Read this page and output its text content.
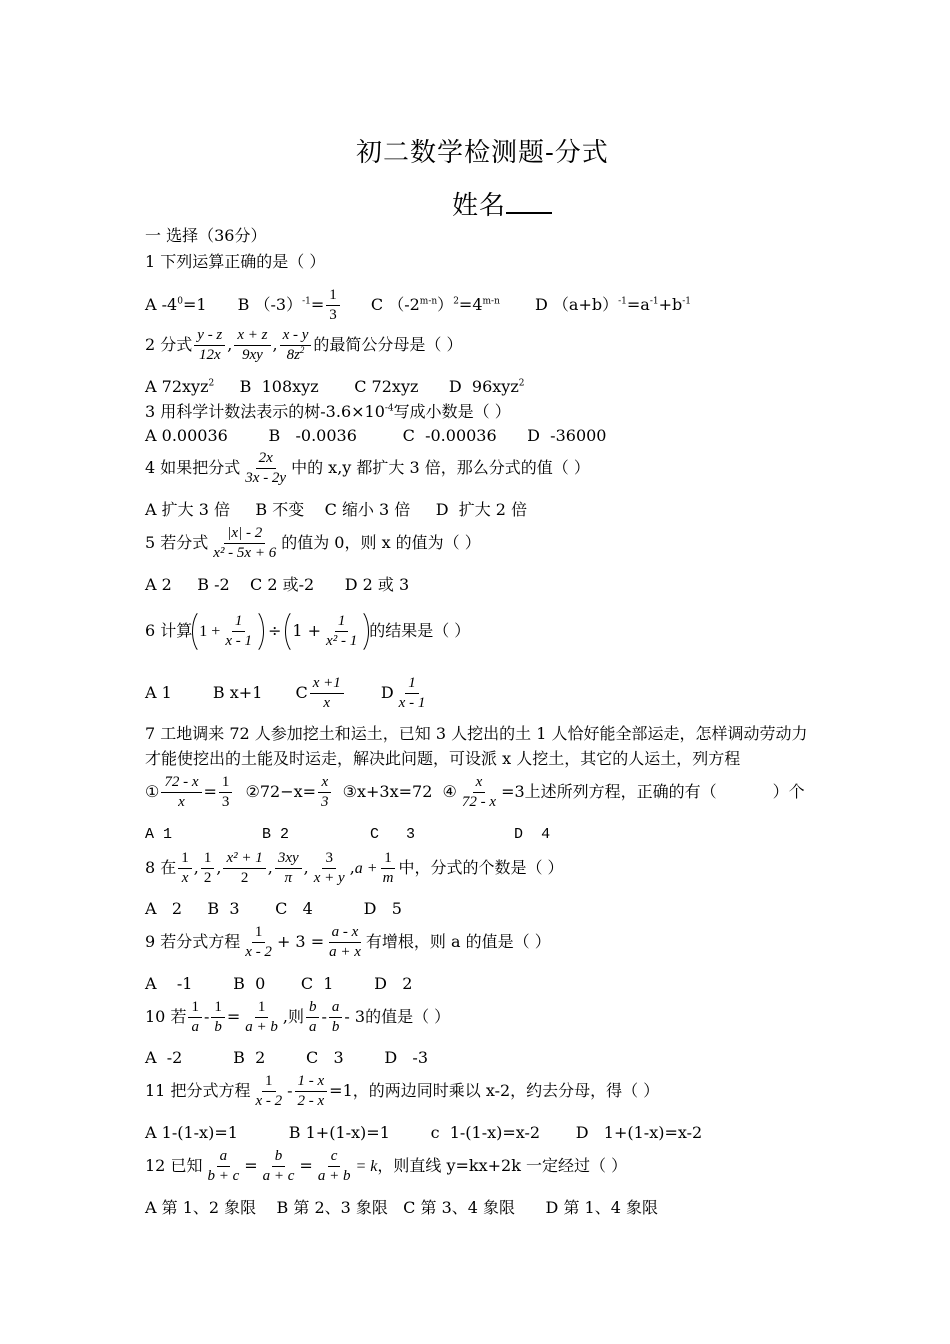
初二数学检测题-分式
姓名
一 选择（36分）
1 下列运算正确的是（ ）
A $-4^0=1$ B $(-3)^{-1}= \frac{1}{3}$ C $(-2^{m-n})^2=4^{m-n}$ D $(a+b)^{-1}=a^{-1}+b^{-1}$
2 分式 $\frac{y - z}{12x}$ , $\frac{x + z}{9xy}$ , $\frac{x - y}{8z^2}$ 的最简公分母是（ ）
A 72xyz$^2$     B  108xyz       C 72xyz      D  96xyz$^2$
3 用科学计数法表示的树$-3.6\times 10^{-4}$写成小数是（ ）
A 0.00036        B   -0.0036         C  -0.00036      D  -36000
4 如果把分式 $\frac{2x}{3x - 2y}$ 中的 x,y 都扩大 3 倍，那么分式的值（ ）
A 扩大 3 倍     B 不变    C 缩小 3 倍     D  扩大 2 倍
5 若分式 $\frac{|x| - 2}{\text{x² - 5x + 6}}$ 的值为 0，则 x 的值为（ ）
A 2     B -2    C 2 或-2      D 2 或 3
6 计算 $1 + \frac{1}{x - 1} \div 1 + \frac{1}{\text{x² - 1}}$ 的结果是（ ）
A 1	B x+1 C $\frac{x +1}{x}$ D $\frac{1}{x - 1}$
7 工地调来 72 人参加挖土和运土，已知 3 人挖出的土 1 人恰好能全部运走，怎样调动劳动力
才能使挖出的土能及时运走，解决此问题，可设派 x 人挖土，其它的人运土，列方程
① $\frac{72 - x}{x} = \frac{1}{3}$ ②72−x= $\frac{x}{3}$ ③x+3x=72  ④ $\frac{x}{72 - x} =3$上述所列方程，正确的有（           ）个
A 1          B 2         C   3           D  4
8 在 $\frac{1}{x}$ , $\frac{1}{2}$ , $\frac{\text{x² + 1}}{2}$ , $\frac{3xy}{\pi}$ , $\frac{3}{x + y} ,a + \frac{1}{m}$ 中，分式的个数是（ ）
A   2     B  3       C   4          D   5
9 若分式方程 $\frac{1}{x - 2} + 3 = \frac{a - x}{a + x}$ 有增根，则 a 的值是（ ）
A    -1        B  0       C  1        D   2
10 若 $\frac{1}{a} - \frac{1}{b} = \frac{1}{a + b}$ ,则 $\frac{b}{a} - \frac{a}{b} - 3$的值是（ ）
A  -2          B  2        C   3        D   -3
11 把分式方程 $\frac{1}{x - 2} - \frac{1 - x}{2 - x} =1$，的两边同时乘以 x-2，约去分母，得（ ）
A 1-(1-x)=1          B 1+(1-x)=1        c  1-(1-x)=x-2       D   1+(1-x)=x-2
12 已知 $\frac{a}{b + c} = \frac{b}{a + c} = \frac{c}{a + b} = k$，则直线 y=kx+2k 一定经过（ ）
A 第 1、2 象限    B 第 2、3 象限   C 第 3、4 象限      D 第 1、4 象限
